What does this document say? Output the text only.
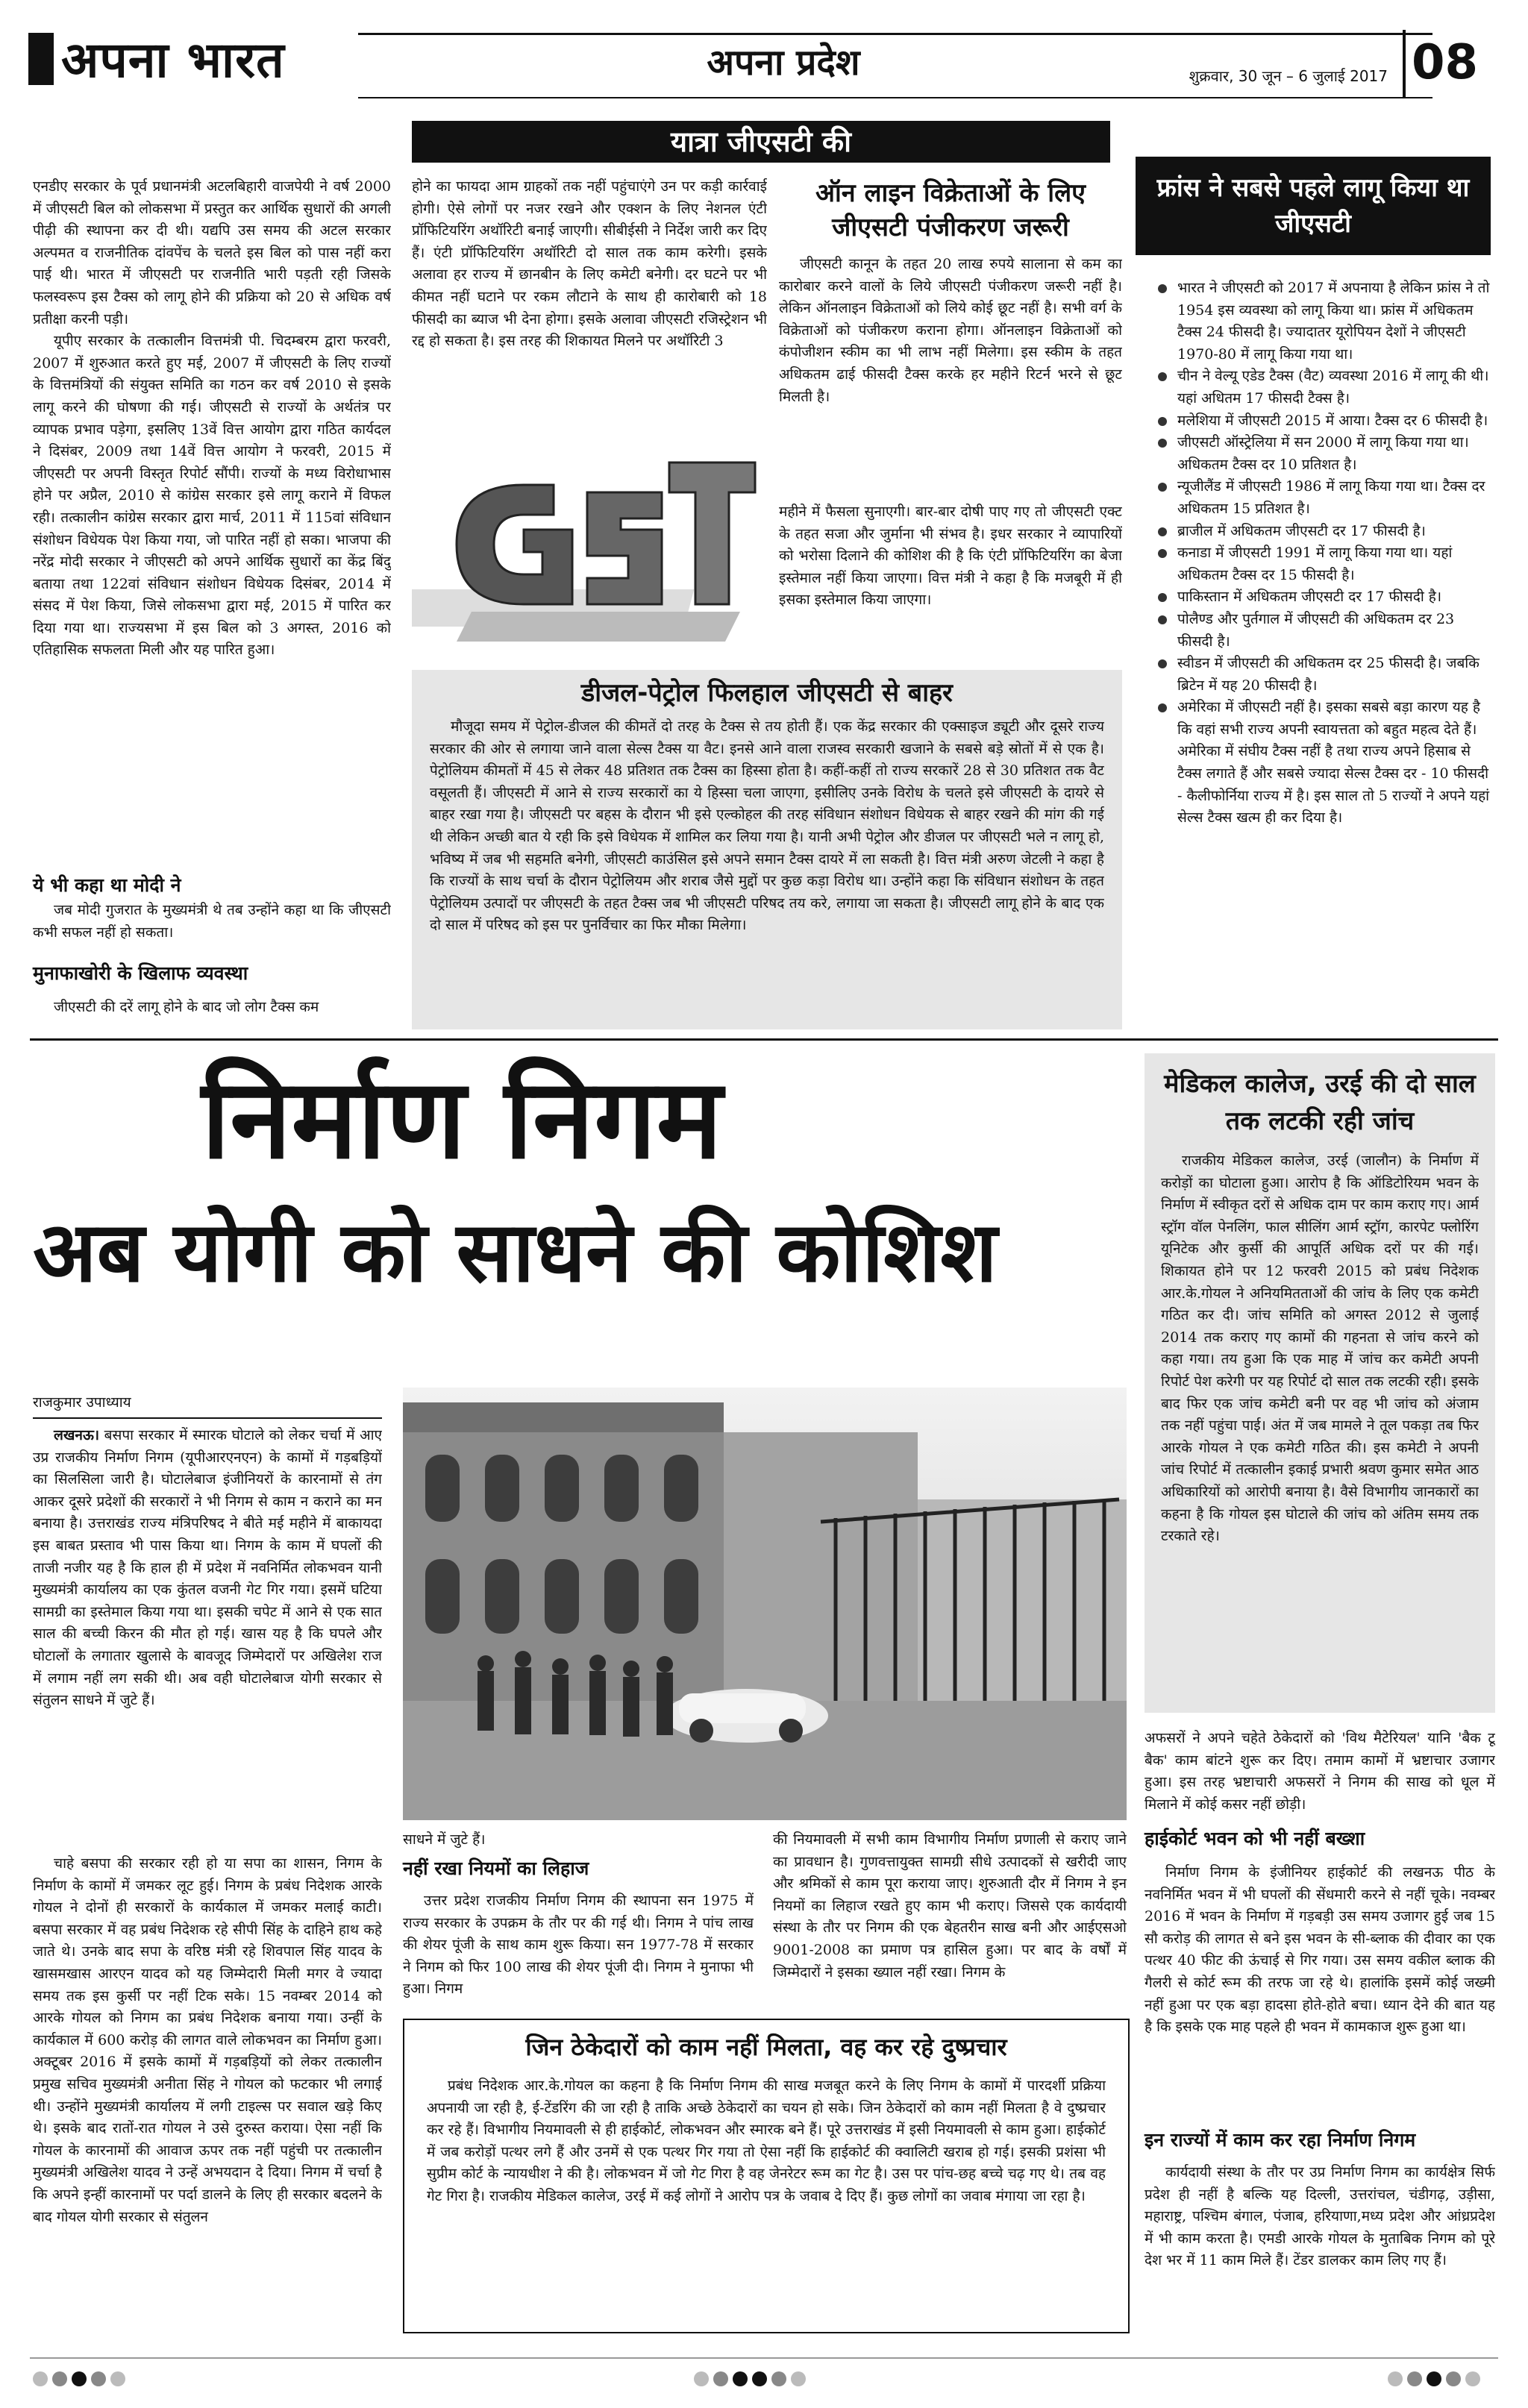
अपना भारत	अपना प्रदेश	शुक्रवार, 30 जून – 6 जुलाई 2017 08
यात्रा जीएसटी की

एनडीए सरकार के पूर्व प्रधानमंत्री अटलबिहारी वाजपेयी ने वर्ष 2000 में जीएसटी बिल को लोकसभा में प्रस्तुत कर आर्थिक सुधारों की अगली पीढ़ी की स्थापना कर दी थी। यद्यपि उस समय की अटल सरकार अल्पमत व राजनीतिक दांवपेंच के चलते इस बिल को पास नहीं करा पाई थी। भारत में जीएसटी पर राजनीति भारी पड़ती रही जिसके फलस्वरूप इस टैक्स को लागू होने की प्रक्रिया को 20 से अधिक वर्ष प्रतीक्षा करनी पड़ी।

यूपीए सरकार के तत्कालीन वित्तमंत्री पी. चिदम्बरम द्वारा फरवरी, 2007 में शुरुआत करते हुए मई, 2007 में जीएसटी के लिए राज्यों के वित्तमंत्रियों की संयुक्त समिति का गठन कर वर्ष 2010 से इसके लागू करने की घोषणा की गई। जीएसटी से राज्यों के अर्थतंत्र पर व्यापक प्रभाव पड़ेगा, इसलिए 13वें वित्त आयोग द्वारा गठित कार्यदल ने दिसंबर, 2009 तथा 14वें वित्त आयोग ने फरवरी, 2015 में जीएसटी पर अपनी विस्तृत रिपोर्ट सौंपी। राज्यों के मध्य विरोधाभास होने पर अप्रैल, 2010 से कांग्रेस सरकार इसे लागू कराने में विफल रही। तत्कालीन कांग्रेस सरकार द्वारा मार्च, 2011 में 115वां संविधान संशोधन विधेयक पेश किया गया, जो पारित नहीं हो सका। भाजपा की नरेंद्र मोदी सरकार ने जीएसटी को अपने आर्थिक सुधारों का केंद्र बिंदु बताया तथा 122वां संविधान संशोधन विधेयक दिसंबर, 2014 में संसद में पेश किया, जिसे लोकसभा द्वारा मई, 2015 में पारित कर दिया गया था। राज्यसभा में इस बिल को 3 अगस्त, 2016 को एतिहासिक सफलता मिली और यह पारित हुआ।

ये भी कहा था मोदी ने
जब मोदी गुजरात के मुख्यमंत्री थे तब उन्होंने कहा था कि जीएसटी कभी सफल नहीं हो सकता।
मुनाफाखोरी के खिलाफ व्यवस्था
जीएसटी की दरें लागू होने के बाद जो लोग टैक्स कम
होने का फायदा आम ग्राहकों तक नहीं पहुंचाएंगे उन पर कड़ी कार्रवाई होगी। ऐसे लोगों पर नजर रखने और एक्शन के लिए नेशनल एंटी प्रॉफिटियरिंग अथॉरिटी बनाई जाएगी। सीबीईसी ने निर्देश जारी कर दिए हैं। एंटी प्रॉफिटियरिंग अथॉरिटी दो साल तक काम करेगी। इसके अलावा हर राज्य में छानबीन के लिए कमेटी बनेगी। दर घटने पर भी कीमत नहीं घटाने पर रकम लौटाने के साथ ही कारोबारी को 18 फीसदी का ब्याज भी देना होगा। इसके अलावा जीएसटी रजिस्ट्रेशन भी रद्द हो सकता है। इस तरह की शिकायत मिलने पर अथॉरिटी 3
ऑन लाइन विक्रेताओं के लिए जीएसटी पंजीकरण जरूरी
जीएसटी कानून के तहत 20 लाख रुपये सालाना से कम का कारोबार करने वालों के लिये जीएसटी पंजीकरण जरूरी नहीं है। लेकिन ऑनलाइन विक्रेताओं को लिये कोई छूट नहीं है। सभी वर्ग के विक्रेताओं को पंजीकरण कराना होगा। ऑनलाइन विक्रेताओं को कंपोजीशन स्कीम का भी लाभ नहीं मिलेगा। इस स्कीम के तहत अधिकतम ढाई फीसदी टैक्स करके हर महीने रिटर्न भरने से छूट मिलती है।
महीने में फैसला सुनाएगी। बार-बार दोषी पाए गए तो जीएसटी एक्ट के तहत सजा और जुर्माना भी संभव है। इधर सरकार ने व्यापारियों को भरोसा दिलाने की कोशिश की है कि एंटी प्रॉफिटियरिंग का बेजा इस्तेमाल नहीं किया जाएगा। वित्त मंत्री ने कहा है कि मजबूरी में ही इसका इस्तेमाल किया जाएगा।
डीजल-पेट्रोल फिलहाल जीएसटी से बाहर
मौजूदा समय में पेट्रोल-डीजल की कीमतें दो तरह के टैक्स से तय होती हैं। एक केंद्र सरकार की एक्साइज ड्यूटी और दूसरे राज्य सरकार की ओर से लगाया जाने वाला सेल्स टैक्स या वैट। इनसे आने वाला राजस्व सरकारी खजाने के सबसे बड़े स्रोतों में से एक है। पेट्रोलियम कीमतों में 45 से लेकर 48 प्रतिशत तक टैक्स का हिस्सा होता है। कहीं-कहीं तो राज्य सरकारें 28 से 30 प्रतिशत तक वैट वसूलती हैं। जीएसटी में आने से राज्य सरकारों का ये हिस्सा चला जाएगा, इसीलिए उनके विरोध के चलते इसे जीएसटी के दायरे से बाहर रखा गया है। जीएसटी पर बहस के दौरान भी इसे एल्कोहल की तरह संविधान संशोधन विधेयक से बाहर रखने की मांग की गई थी लेकिन अच्छी बात ये रही कि इसे विधेयक में शामिल कर लिया गया है। यानी अभी पेट्रोल और डीजल पर जीएसटी भले न लागू हो, भविष्य में जब भी सहमति बनेगी, जीएसटी काउंसिल इसे अपने समान टैक्स दायरे में ला सकती है। वित्त मंत्री अरुण जेटली ने कहा है कि राज्यों के साथ चर्चा के दौरान पेट्रोलियम और शराब जैसे मुद्दों पर कुछ कड़ा विरोध था। उन्होंने कहा कि संविधान संशोधन के तहत पेट्रोलियम उत्पादों पर जीएसटी के तहत टैक्स जब भी जीएसटी परिषद तय करे, लगाया जा सकता है। जीएसटी लागू होने के बाद एक दो साल में परिषद को इस पर पुनर्विचार का फिर मौका मिलेगा।
फ्रांस ने सबसे पहले लागू किया था जीएसटी
भारत ने जीएसटी को 2017 में अपनाया है लेकिन फ्रांस ने तो 1954 इस व्यवस्था को लागू किया था। फ्रांस में अधिकतम टैक्स 24 फीसदी है। ज्यादातर यूरोपियन देशों ने जीएसटी 1970-80 में लागू किया गया था।
चीन ने वेल्यू एडेड टैक्स (वैट) व्यवस्था 2016 में लागू की थी। यहां अधितम 17 फीसदी टैक्स है।
मलेशिया में जीएसटी 2015 में आया। टैक्स दर 6 फीसदी है।
जीएसटी ऑस्ट्रेलिया में सन 2000 में लागू किया गया था। अधिकतम टैक्स दर 10 प्रतिशत है।
न्यूजीलैंड में जीएसटी 1986 में लागू किया गया था। टैक्स दर अधिकतम 15 प्रतिशत है।
ब्राजील में अधिकतम जीएसटी दर 17 फीसदी है।
कनाडा में जीएसटी 1991 में लागू किया गया था। यहां अधिकतम टैक्स दर 15 फीसदी है।
पाकिस्तान में अधिकतम जीएसटी दर 17 फीसदी है।
पोलैण्ड और पुर्तगाल में जीएसटी की अधिकतम दर 23 फीसदी है।
स्वीडन में जीएसटी की अधिकतम दर 25 फीसदी है। जबकि ब्रिटेन में यह 20 फीसदी है।
अमेरिका में जीएसटी नहीं है। इसका सबसे बड़ा कारण यह है कि वहां सभी राज्य अपनी स्वायत्तता को बहुत महत्व देते हैं। अमेरिका में संघीय टैक्स नहीं है तथा राज्य अपने हिसाब से टैक्स लगाते हैं और सबसे ज्यादा सेल्स टैक्स दर - 10 फीसदी - कैलीफोर्निया राज्य में है। इस साल तो 5 राज्यों ने अपने यहां सेल्स टैक्स खत्म ही कर दिया है।
निर्माण निगम
अब योगी को साधने की कोशिश
राजकुमार उपाध्याय
लखनऊ। बसपा सरकार में स्मारक घोटाले को लेकर चर्चा में आए उप्र राजकीय निर्माण निगम (यूपीआरएनएन) के कामों में गड़बड़ियों का सिलसिला जारी है। घोटालेबाज इंजीनियरों के कारनामों से तंग आकर दूसरे प्रदेशों की सरकारों ने भी निगम से काम न कराने का मन बनाया है। उत्तराखंड राज्य मंत्रिपरिषद ने बीते मई महीने में बाकायदा इस बाबत प्रस्ताव भी पास किया था। निगम के काम में घपलों की ताजी नजीर यह है कि हाल ही में प्रदेश में नवनिर्मित लोकभवन यानी मुख्यमंत्री कार्यालय का एक कुंतल वजनी गेट गिर गया। इसमें घटिया सामग्री का इस्तेमाल किया गया था। इसकी चपेट में आने से एक सात साल की बच्ची किरन की मौत हो गई। खास यह है कि घपले और घोटालों के लगातार खुलासे के बावजूद जिम्मेदारों पर अखिलेश राज में लगाम नहीं लग सकी थी। अब वही घोटालेबाज योगी सरकार से संतुलन साधने में जुटे हैं।
चाहे बसपा की सरकार रही हो या सपा का शासन, निगम के निर्माण के कामों में जमकर लूट हुई। निगम के प्रबंध निदेशक आरके गोयल ने दोनों ही सरकारों के कार्यकाल में जमकर मलाई काटी। बसपा सरकार में वह प्रबंध निदेशक रहे सीपी सिंह के दाहिने हाथ कहे जाते थे। उनके बाद सपा के वरिष्ठ मंत्री रहे शिवपाल सिंह यादव के खासमखास आरएन यादव को यह जिम्मेदारी मिली मगर वे ज्यादा समय तक इस कुर्सी पर नहीं टिक सके। 15 नवम्बर 2014 को आरके गोयल को निगम का प्रबंध निदेशक बनाया गया। उन्हीं के कार्यकाल में 600 करोड़ की लागत वाले लोकभवन का निर्माण हुआ। अक्टूबर 2016 में इसके कामों में गड़बड़ियों को लेकर तत्कालीन प्रमुख सचिव मुख्यमंत्री अनीता सिंह ने गोयल को फटकार भी लगाई थी। उन्होंने मुख्यमंत्री कार्यालय में लगी टाइल्स पर सवाल खड़े किए थे। इसके बाद रातों-रात गोयल ने उसे दुरुस्त कराया। ऐसा नहीं कि गोयल के कारनामों की आवाज ऊपर तक नहीं पहुंची पर तत्कालीन मुख्यमंत्री अखिलेश यादव ने उन्हें अभयदान दे दिया। निगम में चर्चा है कि अपने इन्हीं कारनामों पर पर्दा डालने के लिए ही सरकार बदलने के बाद गोयल योगी सरकार से संतुलन
साधने में जुटे हैं।
नहीं रखा नियमों का लिहाज
उत्तर प्रदेश राजकीय निर्माण निगम की स्थापना सन 1975 में राज्य सरकार के उपक्रम के तौर पर की गई थी। निगम ने पांच लाख की शेयर पूंजी के साथ काम शुरू किया। सन 1977-78 में सरकार ने निगम को फिर 100 लाख की शेयर पूंजी दी। निगम ने मुनाफा भी हुआ। निगम
की नियमावली में सभी काम विभागीय निर्माण प्रणाली से कराए जाने का प्रावधान है। गुणवत्तायुक्त सामग्री सीधे उत्पादकों से खरीदी जाए और श्रमिकों से काम पूरा कराया जाए। शुरुआती दौर में निगम ने इन नियमों का लिहाज रखते हुए काम भी कराए। जिससे एक कार्यदायी संस्था के तौर पर निगम की एक बेहतरीन साख बनी और आईएसओ 9001-2008 का प्रमाण पत्र हासिल हुआ। पर बाद के वर्षों में जिम्मेदारों ने इसका ख्याल नहीं रखा। निगम के
जिन ठेकेदारों को काम नहीं मिलता, वह कर रहे दुष्प्रचार
प्रबंध निदेशक आर.के.गोयल का कहना है कि निर्माण निगम की साख मजबूत करने के लिए निगम के कामों में पारदर्शी प्रक्रिया अपनायी जा रही है, ई-टेंडरिंग की जा रही है ताकि अच्छे ठेकेदारों का चयन हो सके। जिन ठेकेदारों को काम नहीं मिलता है वे दुष्प्रचार कर रहे हैं। विभागीय नियमावली से ही हाईकोर्ट, लोकभवन और स्मारक बने हैं। पूरे उत्तराखंड में इसी नियमावली से काम हुआ। हाईकोर्ट में जब करोड़ों पत्थर लगे हैं और उनमें से एक पत्थर गिर गया तो ऐसा नहीं कि हाईकोर्ट की क्वालिटी खराब हो गई। इसकी प्रशंसा भी सुप्रीम कोर्ट के न्यायधीश ने की है। लोकभवन में जो गेट गिरा है वह जेनरेटर रूम का गेट है। उस पर पांच-छह बच्चे चढ़ गए थे। तब वह गेट गिरा है। राजकीय मेडिकल कालेज, उरई में कई लोगों ने आरोप पत्र के जवाब दे दिए हैं। कुछ लोगों का जवाब मंगाया जा रहा है।
मेडिकल कालेज, उरई की दो साल तक लटकी रही जांच
राजकीय मेडिकल कालेज, उरई (जालौन) के निर्माण में करोड़ों का घोटाला हुआ। आरोप है कि ऑडिटोरियम भवन के निर्माण में स्वीकृत दरों से अधिक दाम पर काम कराए गए। आर्म स्ट्रॉग वॉल पेनलिंग, फाल सीलिंग आर्म स्ट्रॉग, कारपेट फ्लोरिंग यूनिटेक और कुर्सी की आपूर्ति अधिक दरों पर की गई। शिकायत होने पर 12 फरवरी 2015 को प्रबंध निदेशक आर.के.गोयल ने अनियमितताओं की जांच के लिए एक कमेटी गठित कर दी। जांच समिति को अगस्त 2012 से जुलाई 2014 तक कराए गए कामों की गहनता से जांच करने को कहा गया। तय हुआ कि एक माह में जांच कर कमेटी अपनी रिपोर्ट पेश करेगी पर यह रिपोर्ट दो साल तक लटकी रही। इसके बाद फिर एक जांच कमेटी बनी पर वह भी जांच को अंजाम तक नहीं पहुंचा पाई। अंत में जब मामले ने तूल पकड़ा तब फिर आरके गोयल ने एक कमेटी गठित की। इस कमेटी ने अपनी जांच रिपोर्ट में तत्कालीन इकाई प्रभारी श्रवण कुमार समेत आठ अधिकारियों को आरोपी बनाया है। वैसे विभागीय जानकारों का कहना है कि गोयल इस घोटाले की जांच को अंतिम समय तक टरकाते रहे।
अफसरों ने अपने चहेते ठेकेदारों को 'विथ मैटेरियल' यानि 'बैक टू बैक' काम बांटने शुरू कर दिए। तमाम कामों में भ्रष्टाचार उजागर हुआ। इस तरह भ्रष्टाचारी अफसरों ने निगम की साख को धूल में मिलाने में कोई कसर नहीं छोड़ी।
हाईकोर्ट भवन को भी नहीं बख्शा
निर्माण निगम के इंजीनियर हाईकोर्ट की लखनऊ पीठ के नवनिर्मित भवन में भी घपलों की सेंधमारी करने से नहीं चूके। नवम्बर 2016 में भवन के निर्माण में गड़बड़ी उस समय उजागर हुई जब 15 सौ करोड़ की लागत से बने इस भवन के सी-ब्लाक की दीवार का एक पत्थर 40 फीट की ऊंचाई से गिर गया। उस समय वकील ब्लाक की गैलरी से कोर्ट रूम की तरफ जा रहे थे। हालांकि इसमें कोई जख्मी नहीं हुआ पर एक बड़ा हादसा होते-होते बचा। ध्यान देने की बात यह है कि इसके एक माह पहले ही भवन में कामकाज शुरू हुआ था।
इन राज्यों में काम कर रहा निर्माण निगम
कार्यदायी संस्था के तौर पर उप्र निर्माण निगम का कार्यक्षेत्र सिर्फ प्रदेश ही नहीं है बल्कि यह दिल्ली, उत्तरांचल, चंडीगढ़, उड़ीसा, महाराष्ट्र, पश्चिम बंगाल, पंजाब, हरियाणा,मध्य प्रदेश और आंध्रप्रदेश में भी काम करता है। एमडी आरके गोयल के मुताबिक निगम को पूरे देश भर में 11 काम मिले हैं। टेंडर डालकर काम लिए गए हैं।
